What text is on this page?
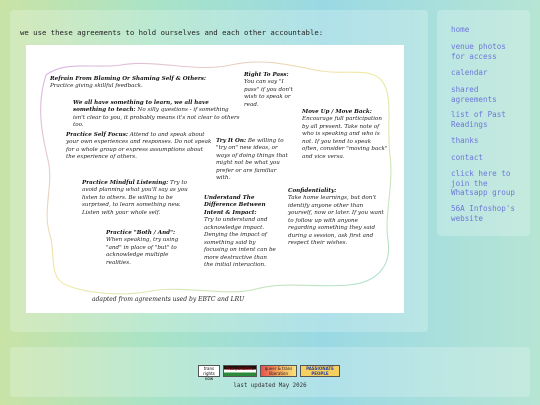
we use these agreements to hold ourselves and each other accountable:
Refrain From Blaming Or Shaming Self & Others:
Practice giving skillful feedback.
We all have something to learn, we all have something to teach: No silly questions - if something isn't clear to you, it probably means it's not clear to others too.
Right To Pass:
You can say "I pass" if you don't wish to speak or read.
Move Up / Move Back:
Encourage full participation by all present. Take note of who is speaking and who is not. If you tend to speak often, consider "moving back" and vice versa.
Practice Self Focus: Attend to and speak about your own experiences and responses. Do not speak for a whole group or express assumptions about the experience of others.
Try It On: Be willing to "try on" new ideas, or ways of doing things that might not be what you prefer or are familiar with.
Practice Mindful Listening: Try to avoid planning what you'll say as you listen to others. Be willing to be surprised, to learn something new. Listen with your whole self.
Understand The Difference Between Intent & Impact:
Try to understand and acknowledge impact. Denying the impact of something said by focusing on intent can be more destructive than the initial interaction.
Confidentiality:
Take home learnings, but don't identify anyone other than yourself, now or later. If you want to follow up with anyone regarding something they said during a session, ask first and respect their wishes.
Practice "Both / And":
When speaking, try using "and" in place of "but" to acknowledge multiple realities.
adapted from agreements used by EBTC and LRU
home
venue photos
for access
calendar
shared
agreements
list of Past
Readings
thanks
contact
click here to
join the
Whatsapp group
56A Infoshop's website
trans rights now
free palestine	queer & trans liberation
PASSIONATE PEOPLE
last updated May 2026
